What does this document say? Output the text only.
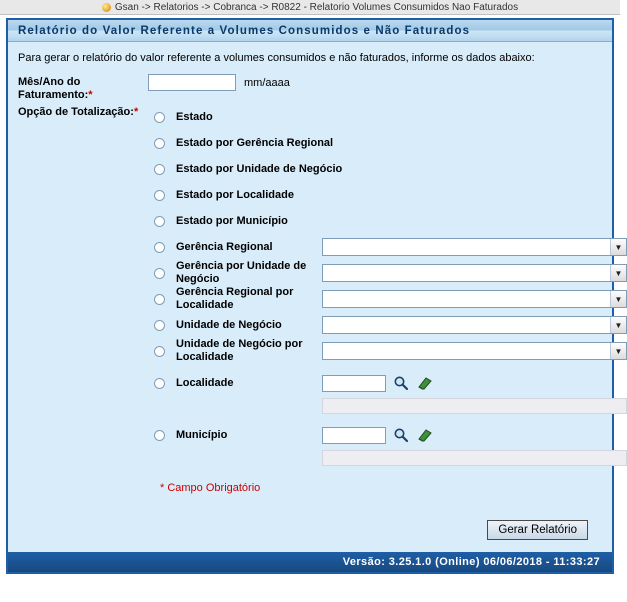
Gsan -> Relatorios -> Cobranca -> R0822 - Relatorio Volumes Consumidos Nao Faturados
Relatório do Valor Referente a Volumes Consumidos e Não Faturados
Para gerar o relatório do valor referente a volumes consumidos e não faturados, informe os dados abaixo:
Mês/Ano do Faturamento:*
mm/aaaa
Opção de Totalização:*	Estado
Estado por Gerência Regional
Estado por Unidade de Negócio
Estado por Localidade
Estado por Município
Gerência Regional	▼
Gerência por Unidade de Negócio	▼
Gerência Regional por Localidade	▼
Unidade de Negócio	▼
Unidade de Negócio por Localidade	▼
Localidade
Município
* Campo Obrigatório
Gerar Relatório
Versão: 3.25.1.0 (Online) 06/06/2018 - 11:33:27
